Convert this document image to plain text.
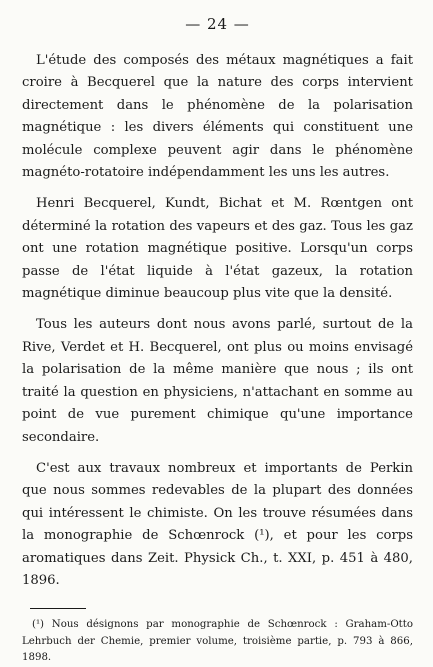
— 24 —

L'étude des composés des métaux magnétiques a fait croire à Becquerel que la nature des corps intervient directement dans le phénomène de la polarisation magnétique : les divers éléments qui constituent une molécule complexe peuvent agir dans le phénomène magnéto-rotatoire indépendamment les uns les autres.

Henri Becquerel, Kundt, Bichat et M. Rœntgen ont déterminé la rotation des vapeurs et des gaz. Tous les gaz ont une rotation magnétique positive. Lorsqu'un corps passe de l'état liquide à l'état gazeux, la rotation magnétique diminue beaucoup plus vite que la densité.

Tous les auteurs dont nous avons parlé, surtout de la Rive, Verdet et H. Becquerel, ont plus ou moins envisagé la polarisation de la même manière que nous ; ils ont traité la question en physiciens, n'attachant en somme au point de vue purement chimique qu'une importance secondaire.

C'est aux travaux nombreux et importants de Perkin que nous sommes redevables de la plupart des données qui intéressent le chimiste. On les trouve résumées dans la monographie de Schœnrock (¹), et pour les corps aromatiques dans Zeit. Physick Ch., t. XXI, p. 451 à 480, 1896.

(¹) Nous désignons par monographie de Schœnrock : Graham-Otto Lehrbuch der Chemie, premier volume, troisième partie, p. 793 à 866, 1898.
